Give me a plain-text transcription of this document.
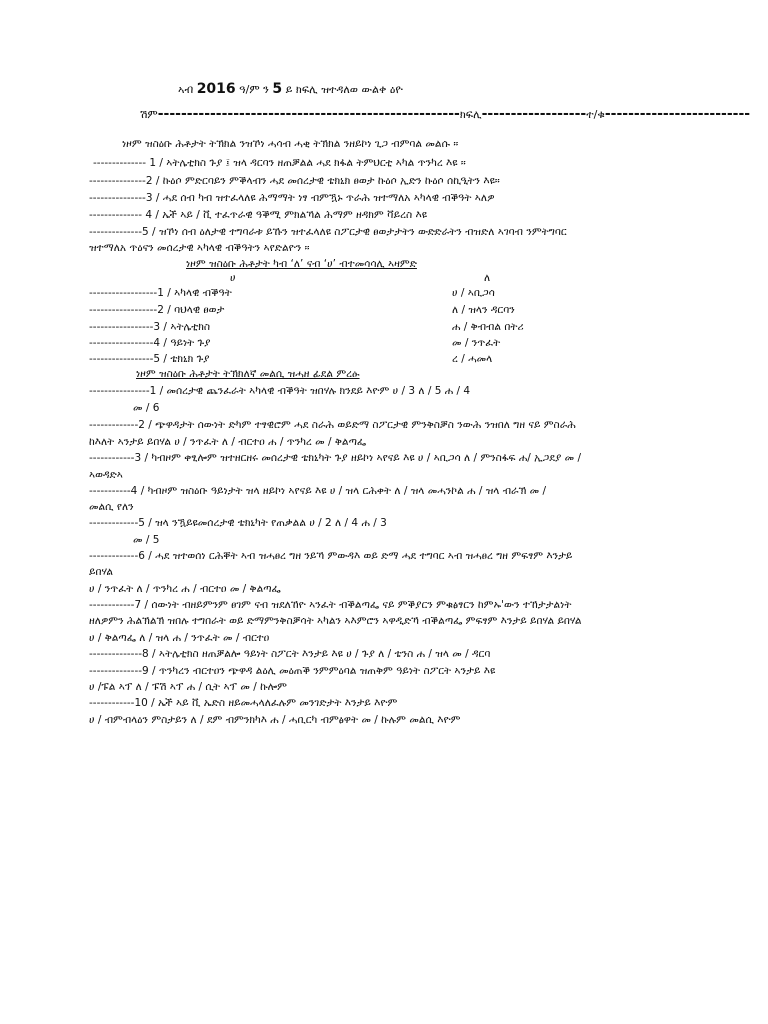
ኣብ 2016 ዓ/ም ን 5 ይ ክፍሊ ዝተዳለወ ውልቀ ዕዮ
ሽም----------------------------------------------------ክፍሊ------------------ተ/ቁ-------------------------
ነዞም ዝስዕቡ ሕቶታት ትኽክል ንዝኾነ ሓሳብ ሓቂ ትኽክል ንዘይኮነ ጊጋ ብምባል መልሱ ።
-------------- 1 / ኣትሌቲክስ ጉያ ፤ ዝላ ዳርባን ዘጠቓልል ሓደ ክፋል ትምህርቲ ኣካል ጥንካረ እዩ ።
---------------2 / ኩዕሶ ምድርባይን ምቕላብን ሓደ መሰረታዊ ቴክኒክ ፀወታ ኩዕሶ ኢድን ኩዕሶ ሰኪዒትን እዩ።
---------------3 / ሓደ ሰብ ካብ ዝተፈላለዩ ሕማማት ነፃ ብምዃኑ ጥራሕ ዝተማለአ ኣካላዊ ብቕዓት ኣለዎ
-------------- 4 / ኤች ኣይ / ቪ ተፈጥራዊ ዓቕሚ ምክልኻል ሕማም ዘዳክም ቫይረስ እዩ
--------------5 / ዝኾነ ሰብ ዕለታዊ ተግባራቱ ይኹን ዝተፈላለዩ ስፖርታዊ ፀወታታትን ውድድራትን ብዝድለ ኣገባብ ንምትግባር
ዝተማለአ ጥዕናን መሰረታዊ ኣካላዊ ብቕዓትን ኣየድልዮን ።
ነዞም ዝስዕቡ ሕቶታት ካብ ‘ለ’ ናብ ‘ሀ’ ብተመሳሳሊ ኣዛምድ
ሀ	ለ
------------------1 / ኣካላዊ ብቕዓት	ሀ / ኣቢጋሳ
------------------2 / ባህላዊ ፀወታ	ለ / ዝላን ዳርባን
-----------------3 / ኣትሌቲክስ	ሐ / ቅብብል በትሪ
-----------------4 / ዓይነት ጉያ	መ / ንጥፈት
-----------------5 / ቴክኒክ ጉያ	ረ / ሓመላ
ነዞም ዝስዕቡ ሕቶታት ትኽክለኛ መልሲ ዝሓዘ ፊደል ምረፁ
----------------1 / መሰረታዊ ጨንፈራት ኣካላዊ ብቕዓት ዝበሃሉ ክንደይ እዮም ሀ / 3 ለ / 5 ሐ / 4
መ / 6
-------------2 / ጭዋዳታት ሰውነት ድካም ተፃዊሮም ሓደ ስራሕ ወይድማ ስፖርታዊ ምንቅስቓስ ንውሕ ንዝበለ ግዘ ናይ ምስራሕ
ከእለት ኣንታይ ይበሃል ሀ / ንጥፈት ለ / ብርተዐ ሐ / ጥንካረ መ / ቅልጣፌ
------------3 / ካብዞም ቀፂሎም ዝተዘርዘሩ መሰረታዊ ቴክኒካት ጉያ ዘይኮነ ኣየናይ እዩ ሀ / ኣቢጋሳ ለ / ምንስፋፍ ሐ/ ኢጋደያ መ /
ኣወዳድኣ
-----------4 / ካብዞም ዝስዕቡ ዓይነታት ዝላ ዘይኮነ ኣየናይ እዩ ሀ / ዝላ ርሕቀት ለ / ዝላ መሓንኮል ሐ / ዝላ ብራኽ መ /
መልሲ የለን
-------------5 / ዝላ ንዃይዩመሰረታዊ ቴክኒካት የጠቃልል ሀ / 2 ለ / 4 ሐ / 3
መ / 5
-------------6 / ሓደ ዝተወሰነ ርሕቐት ኣብ ዝሓፀረ ግዘ ንይኻ ምውዳእ ወይ ድማ ሓደ ተግባር ኣብ ዝሓፀረ ግዘ ምፍፃም እንታይ
ይበሃል
ሀ / ንጥፈት ለ / ጥንካረ ሐ / ብርተዐ መ / ቅልጣፌ
------------7 / ሰውነት ብዘይምንም ፀገም ናብ ዝደለኸዮ ኣንፈት ብቕልጣፌ ናይ ምቕያርን ምቁፅፃርን ከምኡ'ውን ተኸታታልነት
ዘለዎምን ሕልኽልኽ ዝበሉ ተግበራት ወይ ድማምንቅስቓሳት ኣካልን ኣእምሮን ኣዋዲድኻ ብቕልጣፌ ምፍፃም እንታይ ይበሃል ይበሃል
ሀ / ቅልጣፌ ለ / ዝላ ሐ / ንጥፈት መ / ብርተዐ
--------------8 / ኣትሌቲክስ ዘጠቓልሎ ዓይነት ስፖርት እንታይ እዩ ሀ / ጉያ ለ / ቴንስ ሐ / ዝላ መ / ዳርባ
--------------9 / ጥንካረን ብርተዐን ጭዋዳ ልዕሊ መዕጠቕ ንምምዕባል ዝጠቅም ዓይነት ስፖርት ኣንታይ እዩ
ሀ /ፑል ኣፕ ለ / ፑሽ ኣፕ ሐ / ሲት ኣፕ መ / ኩሎም
------------10 / ኤች ኣይ ቪ ኤድስ ዘይመሓላለፈሉም መንገድታት እንታይ እዮም
ሀ / ብምብላዕን ምስታይን ለ / ደም ብምንክካእ ሐ / ሓቢርካ ብምፅዋት መ / ኩሉም መልሲ እዮም
